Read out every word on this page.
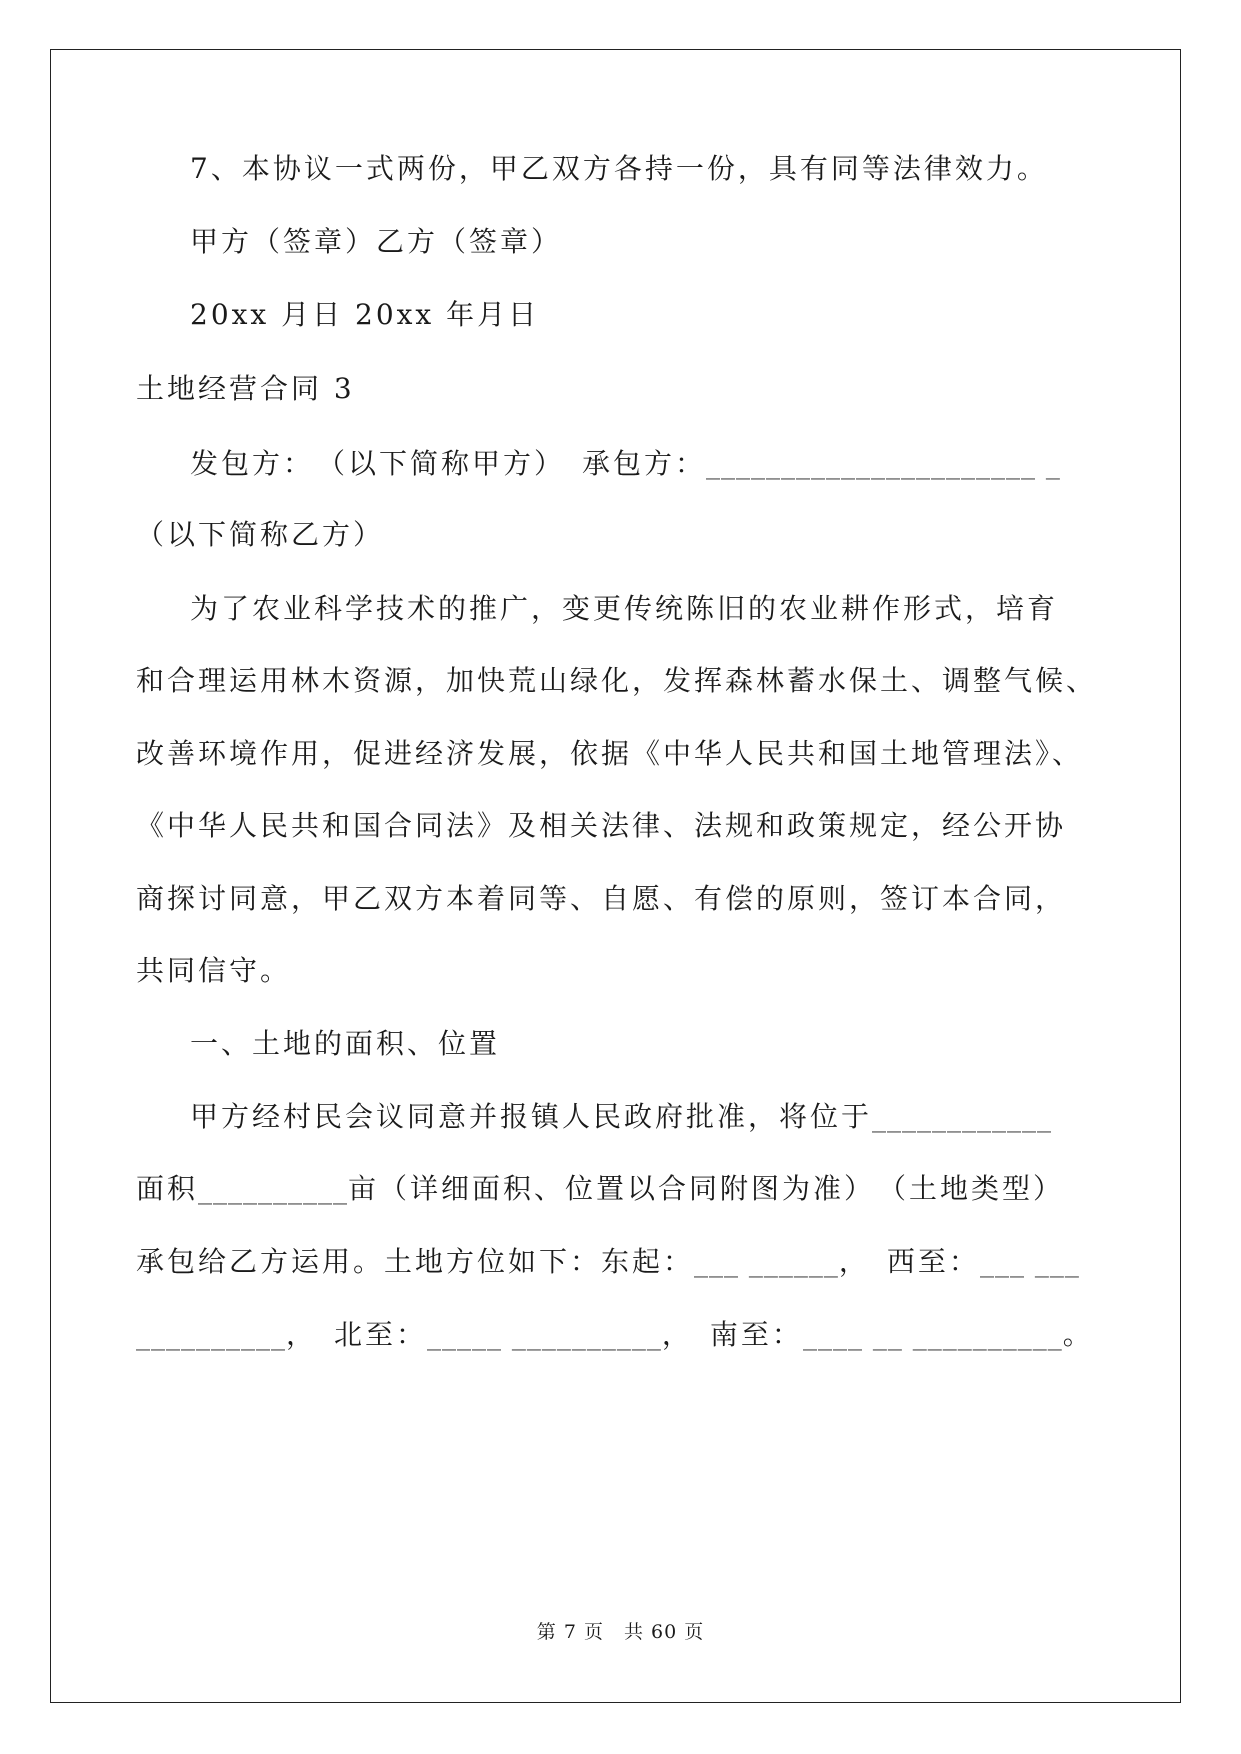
7、本协议一式两份，甲乙双方各持一份，具有同等法律效力。
甲方（签章）乙方（签章）
20xx 月日 20xx 年月日
土地经营合同 3
发包方：　（以下简称甲方）　承包方：______________________ _
（以下简称乙方）
为了农业科学技术的推广，变更传统陈旧的农业耕作形式，培育
和合理运用林木资源，加快荒山绿化，发挥森林蓄水保土、调整气候、
改善环境作用，促进经济发展，依据《中华人民共和国土地管理法》、
《中华人民共和国合同法》及相关法律、法规和政策规定，经公开协
商探讨同意，甲乙双方本着同等、自愿、有偿的原则，签订本合同，
共同信守。
一、土地的面积、位置
甲方经村民会议同意并报镇人民政府批准，将位于____________
面积__________亩（详细面积、位置以合同附图为准）　（土地类型）
承包给乙方运用。土地方位如下：东起：___ ______，　西至：___ ___
__________，　北至：_____ __________，　南至：____ __ __________。
第 7 页　共 60 页
